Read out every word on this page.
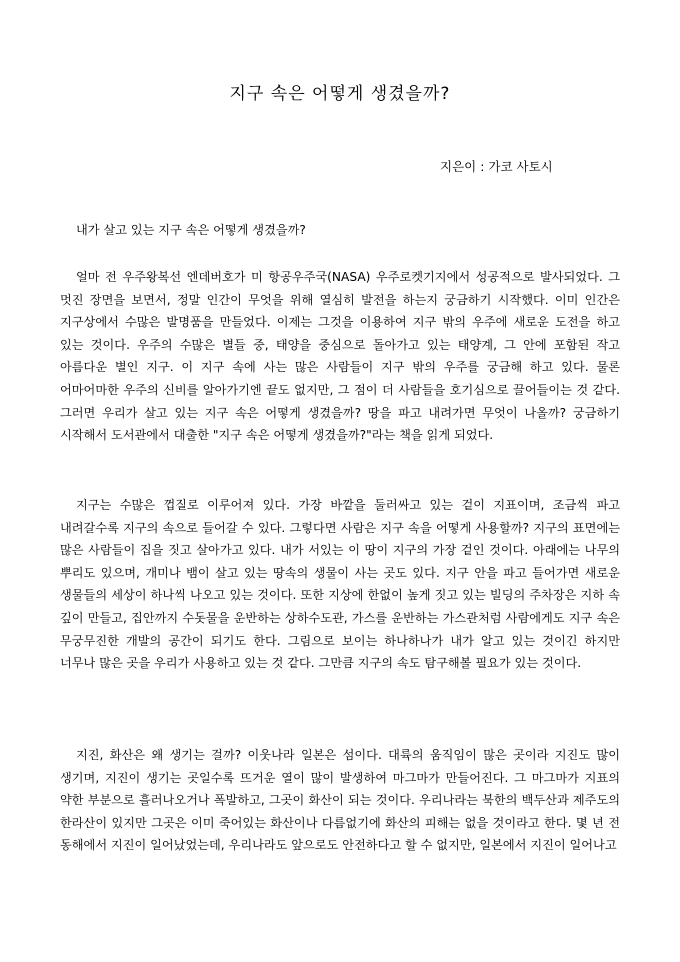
지구 속은 어떻게 생겼을까?
지은이 : 가코 사토시

내가 살고 있는 지구 속은 어떻게 생겼을까?

얼마 전 우주왕복선 엔데버호가 미 항공우주국(NASA) 우주로켓기지에서 성공적으로 발사되었다. 그 멋진 장면을 보면서, 정말 인간이 무엇을 위해 열심히 발전을 하는지 궁금하기 시작했다. 이미 인간은 지구상에서 수많은 발명품을 만들었다. 이제는 그것을 이용하여 지구 밖의 우주에 새로운 도전을 하고 있는 것이다. 우주의 수많은 별들 중, 태양을 중심으로 돌아가고 있는 태양계, 그 안에 포함된 작고 아름다운 별인 지구. 이 지구 속에 사는 많은 사람들이 지구 밖의 우주를 궁금해 하고 있다. 물론 어마어마한 우주의 신비를 알아가기엔 끝도 없지만, 그 점이 더 사람들을 호기심으로 끌어들이는 것 같다. 그러면 우리가 살고 있는 지구 속은 어떻게 생겼을까? 땅을 파고 내려가면 무엇이 나올까? 궁금하기 시작해서 도서관에서 대출한 "지구 속은 어떻게 생겼을까?"라는 책을 읽게 되었다.

지구는 수많은 껍질로 이루어져 있다. 가장 바깥을 둘러싸고 있는 겉이 지표이며, 조금씩 파고 내려갈수록 지구의 속으로 들어갈 수 있다. 그렇다면 사람은 지구 속을 어떻게 사용할까? 지구의 표면에는 많은 사람들이 집을 짓고 살아가고 있다. 내가 서있는 이 땅이 지구의 가장 겉인 것이다. 아래에는 나무의 뿌리도 있으며, 개미나 뱀이 살고 있는 땅속의 생물이 사는 곳도 있다. 지구 안을 파고 들어가면 새로운 생물들의 세상이 하나씩 나오고 있는 것이다. 또한 지상에 한없이 높게 짓고 있는 빌딩의 주차장은 지하 속 깊이 만들고, 집안까지 수돗물을 운반하는 상하수도관, 가스를 운반하는 가스관처럼 사람에게도 지구 속은 무궁무진한 개발의 공간이 되기도 한다. 그림으로 보이는 하나하나가 내가 알고 있는 것이긴 하지만 너무나 많은 곳을 우리가 사용하고 있는 것 같다. 그만큼 지구의 속도 탐구해볼 필요가 있는 것이다.

지진, 화산은 왜 생기는 걸까? 이웃나라 일본은 섬이다. 대륙의 움직임이 많은 곳이라 지진도 많이 생기며, 지진이 생기는 곳일수록 뜨거운 열이 많이 발생하여 마그마가 만들어진다. 그 마그마가 지표의 약한 부분으로 흘러나오거나 폭발하고, 그곳이 화산이 되는 것이다. 우리나라는 북한의 백두산과 제주도의 한라산이 있지만 그곳은 이미 죽어있는 화산이나 다름없기에 화산의 피해는 없을 것이라고 한다. 몇 년 전 동해에서 지진이 일어났었는데, 우리나라도 앞으로도 안전하다고 할 수 없지만, 일본에서 지진이 일어나고
